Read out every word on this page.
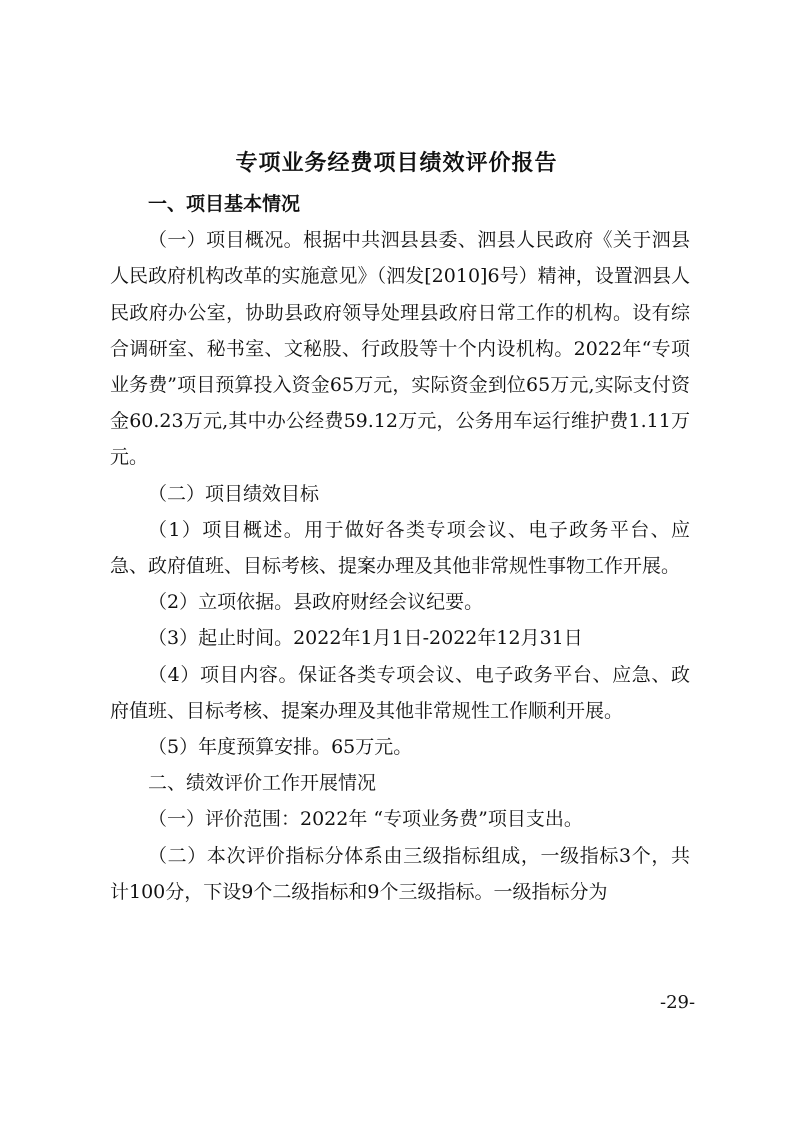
专项业务经费项目绩效评价报告

一、项目基本情况

（一）项目概况。根据中共泗县县委、泗县人民政府《关于泗县人民政府机构改革的实施意见》（泗发[2010]6号）精神，设置泗县人民政府办公室，协助县政府领导处理县政府日常工作的机构。设有综合调研室、秘书室、文秘股、行政股等十个内设机构。2022年“专项业务费”项目预算投入资金65万元，实际资金到位65万元,实际支付资金60.23万元,其中办公经费59.12万元，公务用车运行维护费1.11万元。

（二）项目绩效目标

（1）项目概述。用于做好各类专项会议、电子政务平台、应急、政府值班、目标考核、提案办理及其他非常规性事物工作开展。

（2）立项依据。县政府财经会议纪要。

（3）起止时间。2022年1月1日-2022年12月31日

（4）项目内容。保证各类专项会议、电子政务平台、应急、政府值班、目标考核、提案办理及其他非常规性工作顺利开展。

（5）年度预算安排。65万元。

二、绩效评价工作开展情况

（一）评价范围：2022年 “专项业务费”项目支出。

（二）本次评价指标分体系由三级指标组成，一级指标3个，共计100分，下设9个二级指标和9个三级指标。一级指标分为

-29-
